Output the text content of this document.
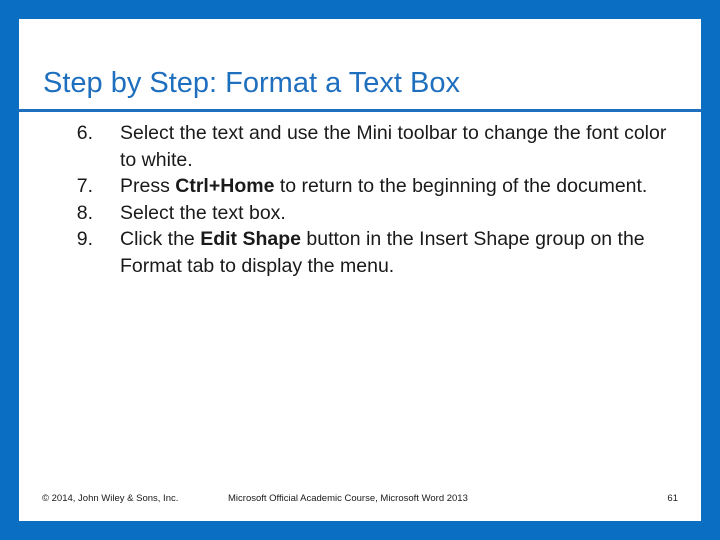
Step by Step: Format a Text Box
6. Select the text and use the Mini toolbar to change the font color to white.
7. Press Ctrl+Home to return to the beginning of the document.
8. Select the text box.
9. Click the Edit Shape button in the Insert Shape group on the Format tab to display the menu.
© 2014, John Wiley & Sons, Inc.	Microsoft Official Academic Course, Microsoft Word 2013	61
